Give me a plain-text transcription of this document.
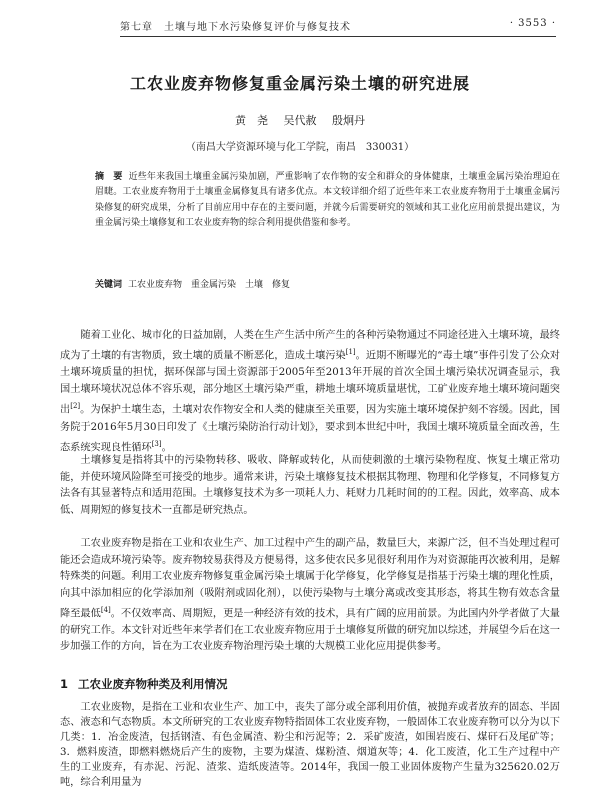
第七章　土壤与地下水污染修复评价与修复技术	· 3553 ·
工农业废弃物修复重金属污染土壤的研究进展
黄　尧 吴代赦 殷炯丹
（南昌大学资源环境与化工学院，南昌　330031）

摘　要 近些年来我国土壤重金属污染加剧，严重影响了农作物的安全和群众的身体健康，土壤重金属污染治理迫在眉睫。工农业废弃物用于土壤重金属修复具有诸多优点。本文较详细介绍了近些年来工农业废弃物用于土壤重金属污染修复的研究成果，分析了目前应用中存在的主要问题，并就今后需要研究的领域和其工业化应用前景提出建议，为重金属污染土壤修复和工农业废弃物的综合利用提供借鉴和参考。

关键词 工农业废弃物　重金属污染　土壤　修复

随着工业化、城市化的日益加剧，人类在生产生活中所产生的各种污染物通过不同途径进入土壤环境，最终成为了土壤的有害物质，致土壤的质量不断恶化，造成土壤污染[1]。近期不断曝光的“毒土壤”事件引发了公众对土壤环境质量的担忧，据环保部与国土资源部于2005年至2013年开展的首次全国土壤污染状况调查显示，我国土壤环境状况总体不容乐观，部分地区土壤污染严重，耕地土壤环境质量堪忧，工矿业废弃地土壤环境问题突出[2]。为保护土壤生态，土壤对农作物安全和人类的健康至关重要，因为实施土壤环境保护刻不容缓。因此，国务院于2016年5月30日印发了《土壤污染防治行动计划》，要求到本世纪中叶，我国土壤环境质量全面改善，生态系统实现良性循环[3]。

土壤修复是指将其中的污染物转移、吸收、降解或转化，从而使刺激的土壤污染物程度、恢复土壤正常功能，并使环境风险降至可接受的地步。通常来讲，污染土壤修复技术根据其物理、物理和化学修复，不同修复方法各有其显著特点和适用范围。土壤修复技术为多一项耗人力、耗财力几耗时间的的工程。因此，效率高、成本低、周期短的修复技术一直都是研究热点。

工农业废弃物是指在工业和农业生产、加工过程中产生的副产品，数量巨大，来源广泛，但不当处理过程可能还会造成环境污染等。废弃物较易获得及方便易得，这多使农民多见很好利用作为对资源能再次被利用，是解特殊类的问题。利用工农业废弃物修复重金属污染土壤属于化学修复，化学修复是指基于污染土壤的理化性质，向其中添加相应的化学添加剂（吸附剂或固化剂），以使污染物与土壤分离或改变其形态，将其生物有效态含量降至最低[4]。不仅效率高、周期短，更是一种经济有效的技术，具有广阔的应用前景。为此国内外学者做了大量的研究工作。本文针对近些年来学者们在工农业废弃物应用于土壤修复所做的研究加以综述，并展望今后在这一步加强工作的方向，旨在为工农业废弃物治理污染土壤的大规模工业化应用提供参考。

1 工农业废弃物种类及利用情况

工农业废物，是指在工业和农业生产、加工中，丧失了部分或全部利用价值，被抛弃或者放弃的固态、半固态、液态和气态物质。本文所研究的工农业废弃物特指固体工农业废弃物，一般固体工农业废弃物可以分为以下几类：1．冶金废渣，包括钢渣、有色金属渣、粉尘和污泥等；2．采矿废渣，如围岩废石、煤矸石及尾矿等；3．燃料废渣，即燃料燃烧后产生的废物，主要为煤渣、煤粉渣、烟道灰等；4．化工废渣，化工生产过程中产生的工业废弃，有赤泥、污泥、渣浆、造纸废渣等。2014年，我国一般工业固体废物产生量为325620.02万吨，综合利用量为
